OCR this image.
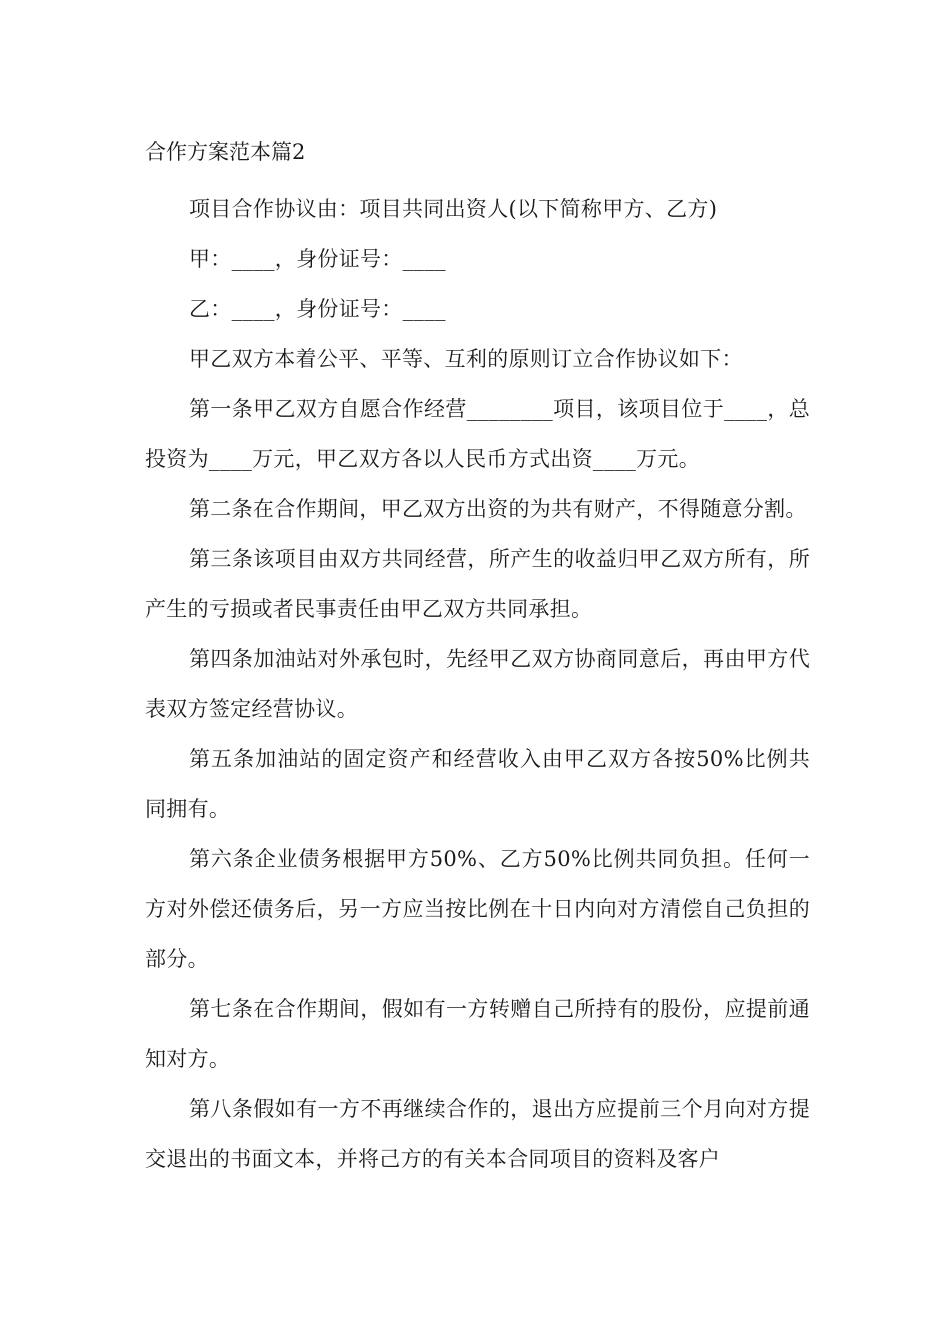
合作方案范本篇2

项目合作协议由：项目共同出资人(以下简称甲方、乙方)

甲：____，身份证号：____

乙：____，身份证号：____

甲乙双方本着公平、平等、互利的原则订立合作协议如下：

第一条甲乙双方自愿合作经营________项目，该项目位于____，总投资为____万元，甲乙双方各以人民币方式出资____万元。

第二条在合作期间，甲乙双方出资的为共有财产，不得随意分割。

第三条该项目由双方共同经营，所产生的收益归甲乙双方所有，所产生的亏损或者民事责任由甲乙双方共同承担。

第四条加油站对外承包时，先经甲乙双方协商同意后，再由甲方代表双方签定经营协议。

第五条加油站的固定资产和经营收入由甲乙双方各按50%比例共同拥有。

第六条企业债务根据甲方50%、乙方50%比例共同负担。任何一方对外偿还债务后，另一方应当按比例在十日内向对方清偿自己负担的部分。

第七条在合作期间，假如有一方转赠自己所持有的股份，应提前通知对方。

第八条假如有一方不再继续合作的，退出方应提前三个月向对方提交退出的书面文本，并将己方的有关本合同项目的资料及客户
